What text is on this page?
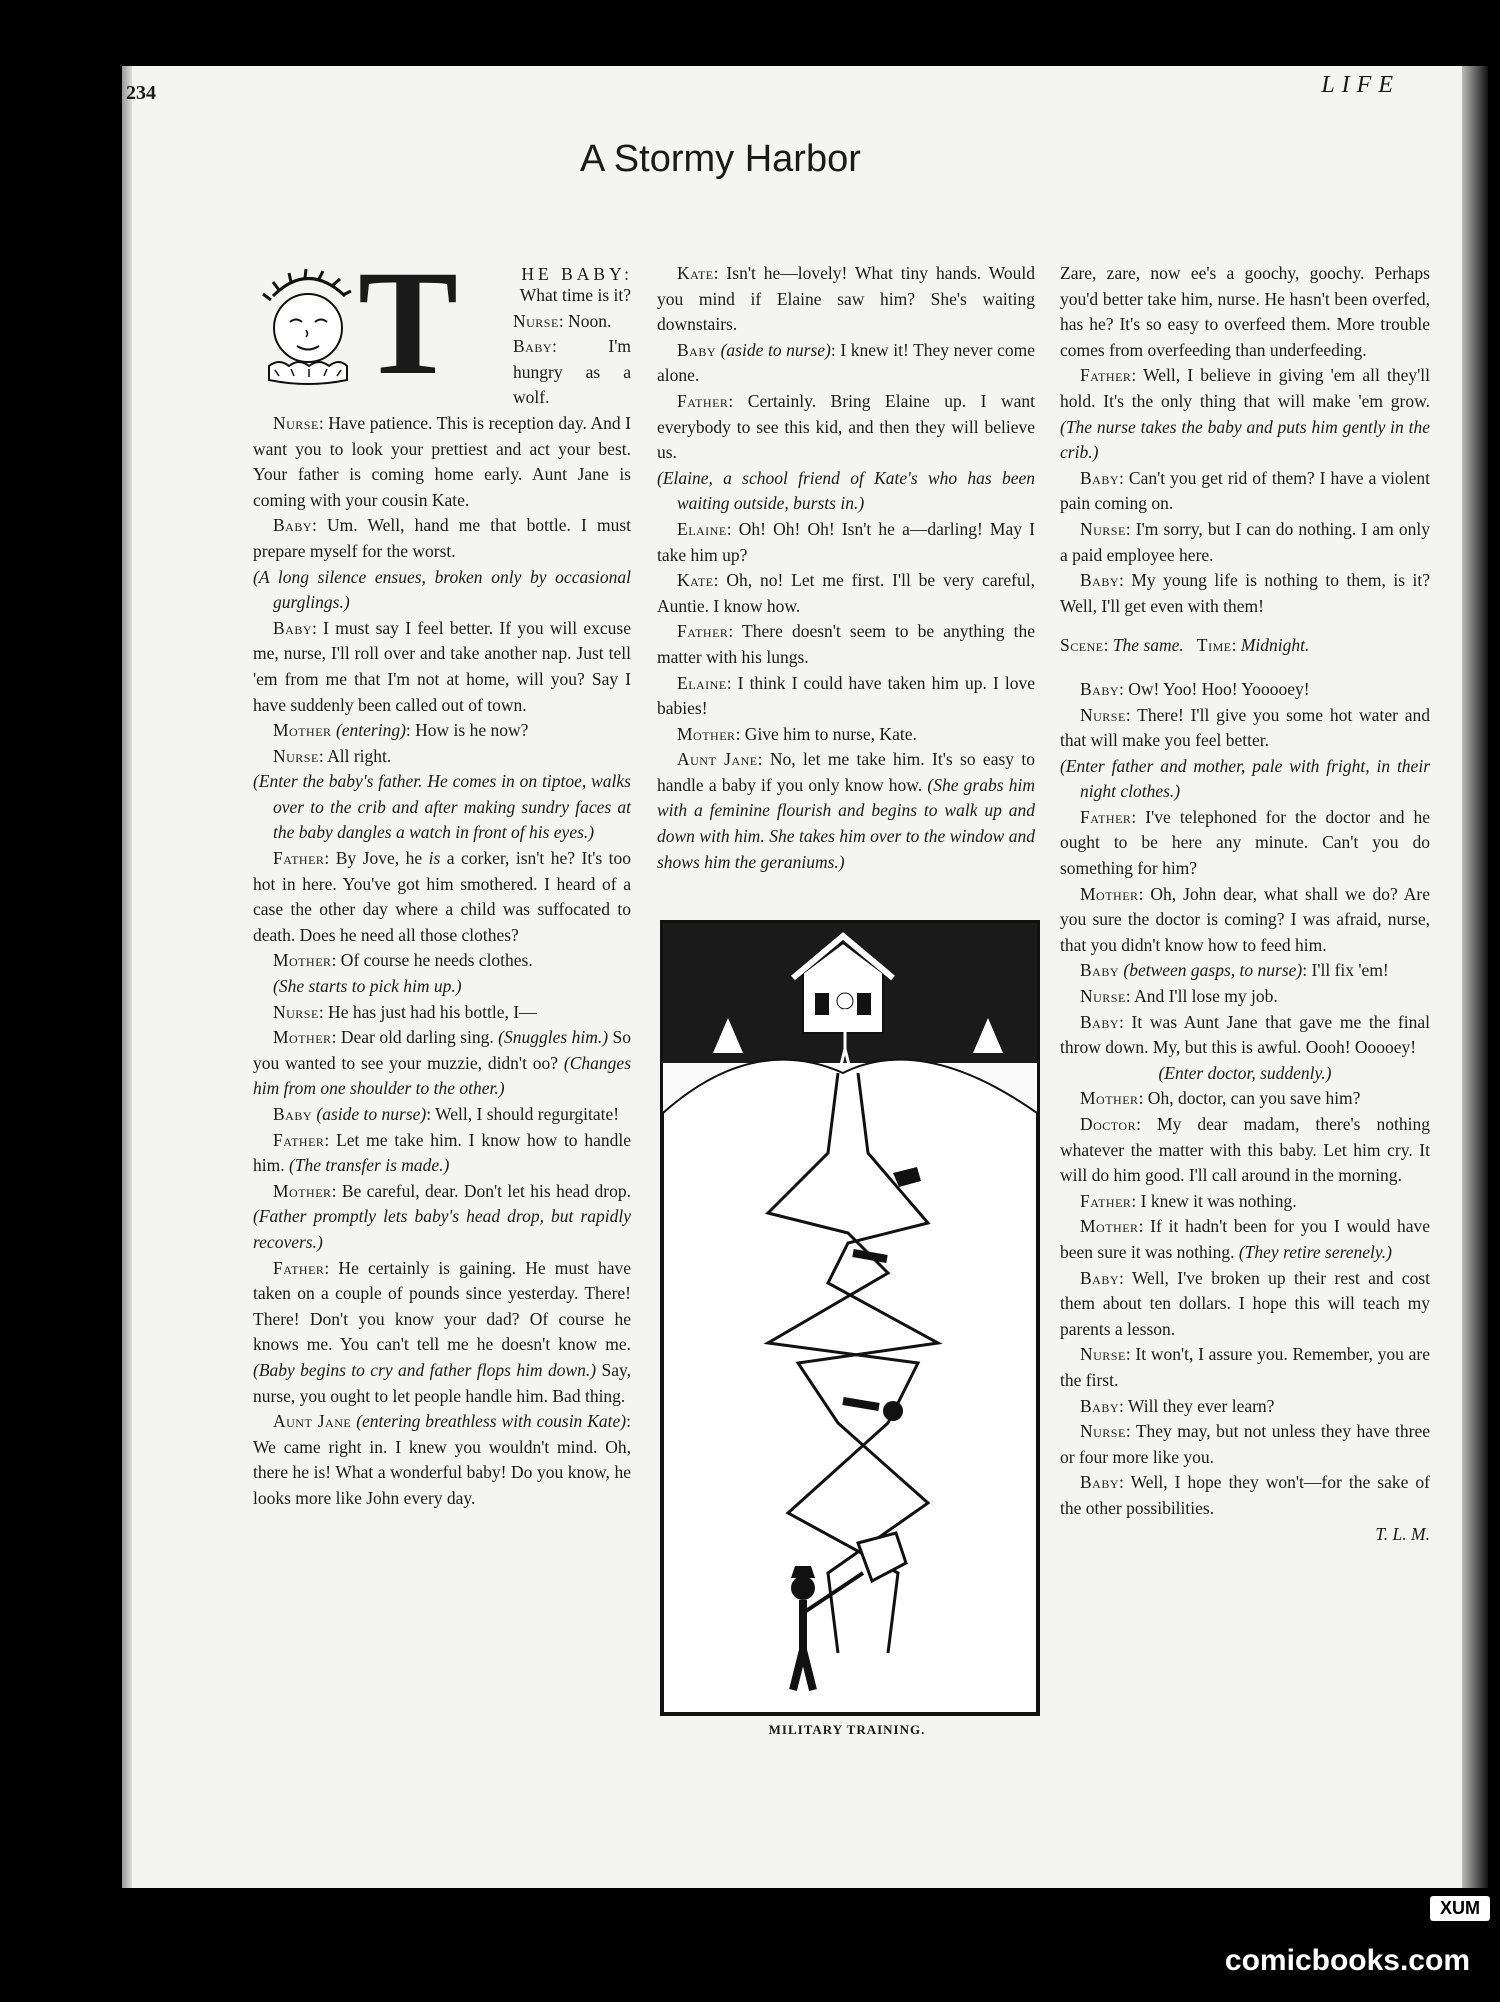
234	LIFE
A Stormy Harbor
T	HE BABY:

What time is it?

Nurse: Noon.

Baby: I'm hungry as a wolf.

Nurse: Have patience. This is reception day. And I want you to look your prettiest and act your best. Your father is coming home early. Aunt Jane is coming with your cousin Kate.

Baby: Um. Well, hand me that bottle. I must prepare myself for the worst.

(A long silence ensues, broken only by occasional gurglings.)

Baby: I must say I feel better. If you will excuse me, nurse, I'll roll over and take another nap. Just tell 'em from me that I'm not at home, will you? Say I have suddenly been called out of town.

Mother (entering): How is he now?

Nurse: All right.

(Enter the baby's father. He comes in on tiptoe, walks over to the crib and after making sundry faces at the baby dangles a watch in front of his eyes.)

Father: By Jove, he is a corker, isn't he? It's too hot in here. You've got him smothered. I heard of a case the other day where a child was suffocated to death. Does he need all those clothes?

Mother: Of course he needs clothes.

(She starts to pick him up.)

Nurse: He has just had his bottle, I—

Mother: Dear old darling sing. (Snuggles him.) So you wanted to see your muzzie, didn't oo? (Changes him from one shoulder to the other.)

Baby (aside to nurse): Well, I should regurgitate!

Father: Let me take him. I know how to handle him. (The transfer is made.)

Mother: Be careful, dear. Don't let his head drop. (Father promptly lets baby's head drop, but rapidly recovers.)

Father: He certainly is gaining. He must have taken on a couple of pounds since yesterday. There! There! Don't you know your dad? Of course he knows me. You can't tell me he doesn't know me. (Baby begins to cry and father flops him down.) Say, nurse, you ought to let people handle him. Bad thing.

Aunt Jane (entering breathless with cousin Kate): We came right in. I knew you wouldn't mind. Oh, there he is! What a wonderful baby! Do you know, he looks more like John every day.

Kate: Isn't he—lovely! What tiny hands. Would you mind if Elaine saw him? She's waiting downstairs.

Baby (aside to nurse): I knew it! They never come alone.

Father: Certainly. Bring Elaine up. I want everybody to see this kid, and then they will believe us.

(Elaine, a school friend of Kate's who has been waiting outside, bursts in.)

Elaine: Oh! Oh! Oh! Isn't he a—darling! May I take him up?

Kate: Oh, no! Let me first. I'll be very careful, Auntie. I know how.

Father: There doesn't seem to be anything the matter with his lungs.

Elaine: I think I could have taken him up. I love babies!

Mother: Give him to nurse, Kate.

Aunt Jane: No, let me take him. It's so easy to handle a baby if you only know how. (She grabs him with a feminine flourish and begins to walk up and down with him. She takes him over to the window and shows him the geraniums.)

MILITARY TRAINING.

Zare, zare, now ee's a goochy, goochy. Perhaps you'd better take him, nurse. He hasn't been overfed, has he? It's so easy to overfeed them. More trouble comes from overfeeding than underfeeding.

Father: Well, I believe in giving 'em all they'll hold. It's the only thing that will make 'em grow. (The nurse takes the baby and puts him gently in the crib.)

Baby: Can't you get rid of them? I have a violent pain coming on.

Nurse: I'm sorry, but I can do nothing. I am only a paid employee here.

Baby: My young life is nothing to them, is it? Well, I'll get even with them!

Scene: The same. Time: Midnight.

Baby: Ow! Yoo! Hoo! Yooooey!

Nurse: There! I'll give you some hot water and that will make you feel better.

(Enter father and mother, pale with fright, in their night clothes.)

Father: I've telephoned for the doctor and he ought to be here any minute. Can't you do something for him?

Mother: Oh, John dear, what shall we do? Are you sure the doctor is coming? I was afraid, nurse, that you didn't know how to feed him.

Baby (between gasps, to nurse): I'll fix 'em!

Nurse: And I'll lose my job.

Baby: It was Aunt Jane that gave me the final throw down. My, but this is awful. Oooh! Ooooey!

(Enter doctor, suddenly.)

Mother: Oh, doctor, can you save him?

Doctor: My dear madam, there's nothing whatever the matter with this baby. Let him cry. It will do him good. I'll call around in the morning.

Father: I knew it was nothing.

Mother: If it hadn't been for you I would have been sure it was nothing. (They retire serenely.)

Baby: Well, I've broken up their rest and cost them about ten dollars. I hope this will teach my parents a lesson.

Nurse: It won't, I assure you. Remember, you are the first.

Baby: Will they ever learn?

Nurse: They may, but not unless they have three or four more like you.

Baby: Well, I hope they won't—for the sake of the other possibilities.

T. L. M.

XUM
comicbooks.com
